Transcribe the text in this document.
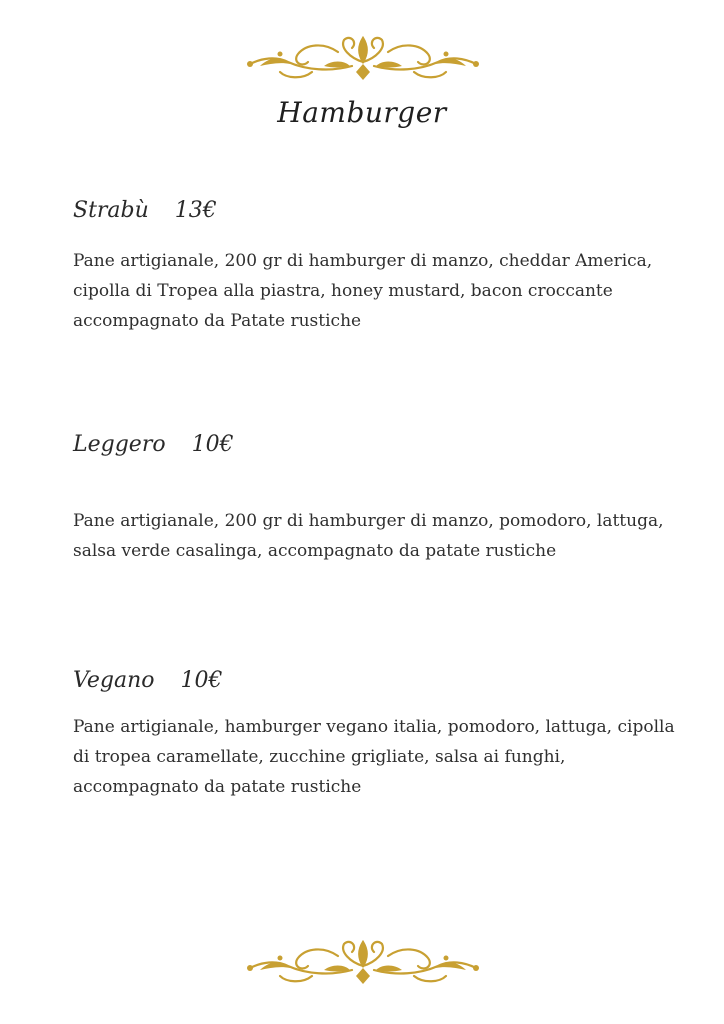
Hamburger
Strabù 13€

Pane artigianale, 200 gr di hamburger di manzo, cheddar America, cipolla di Tropea alla piastra, honey mustard, bacon croccante accompagnato da Patate rustiche

Leggero 10€

Pane artigianale, 200 gr di hamburger di manzo, pomodoro, lattuga, salsa verde casalinga, accompagnato da patate rustiche

Vegano 10€

Pane artigianale, hamburger vegano italia, pomodoro, lattuga, cipolla di tropea caramellate, zucchine grigliate, salsa ai funghi, accompagnato da patate rustiche
